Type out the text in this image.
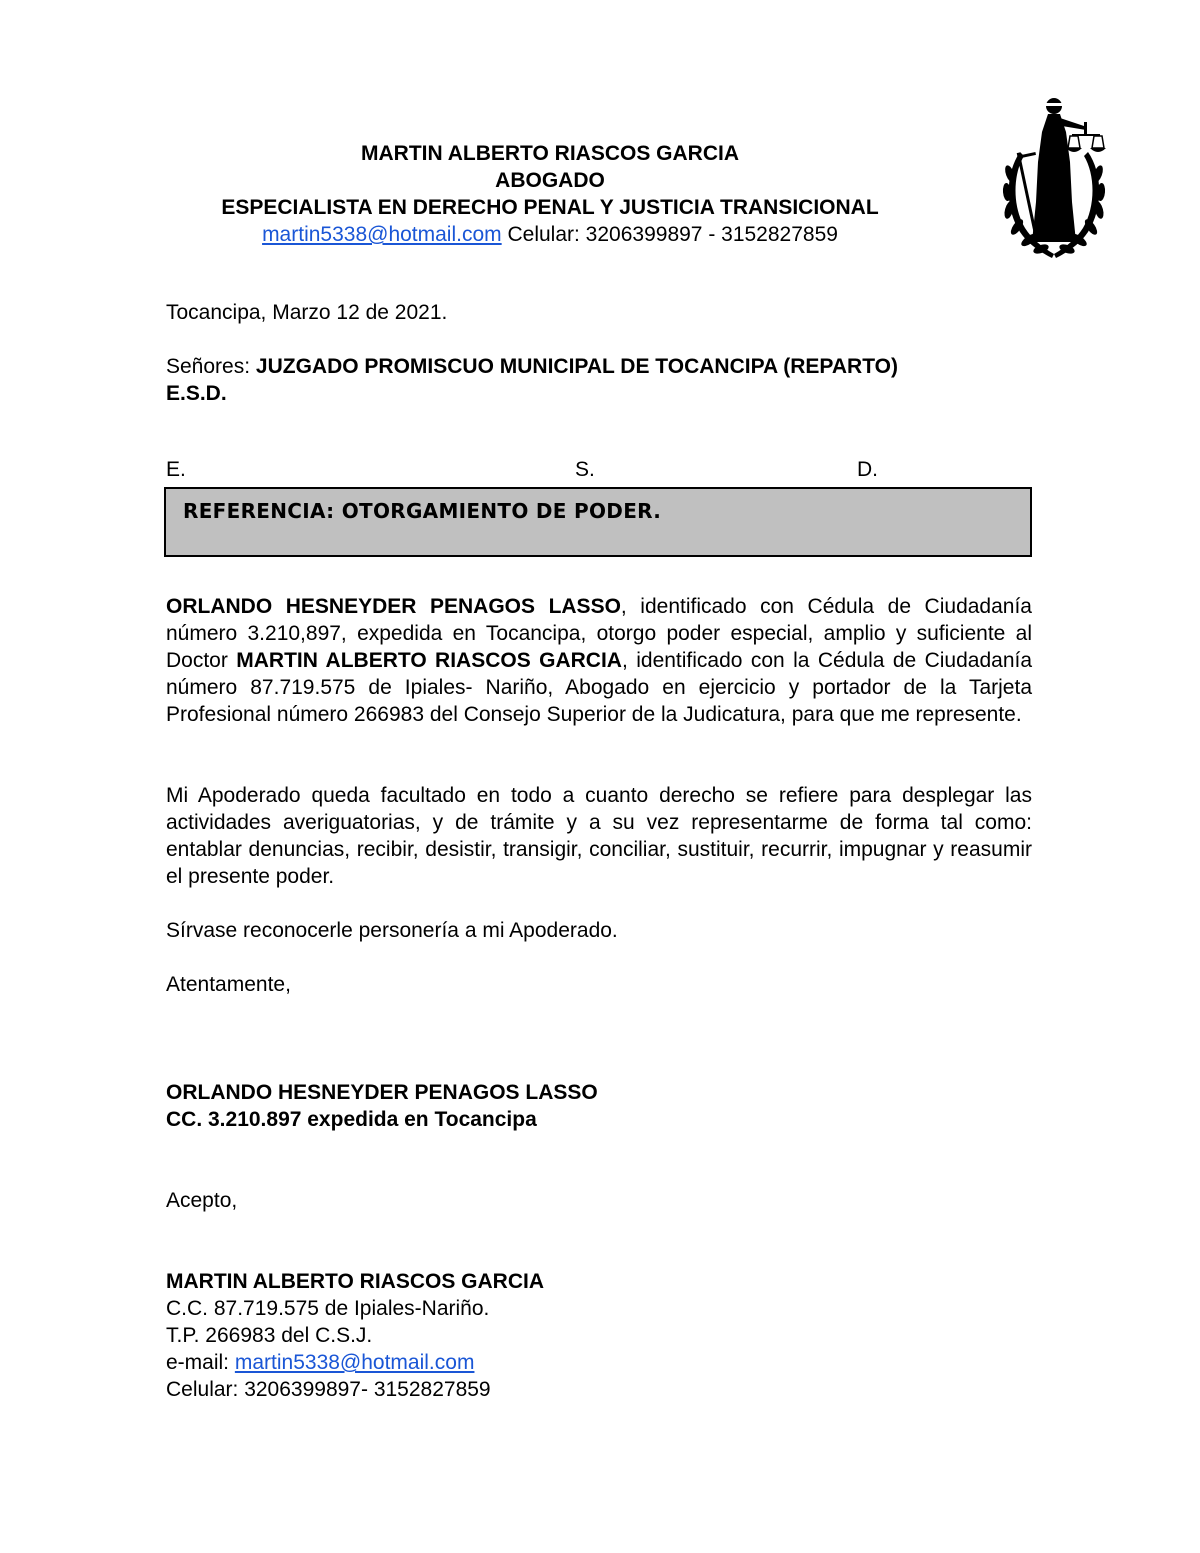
MARTIN ALBERTO RIASCOS GARCIA
ABOGADO
ESPECIALISTA EN DERECHO PENAL Y JUSTICIA TRANSICIONAL
martin5338@hotmail.com Celular: 3206399897 - 3152827859
Tocancipa, Marzo 12 de 2021.
Señores: JUZGADO PROMISCUO MUNICIPAL DE TOCANCIPA (REPARTO)
E.S.D.
E.	S.	D.
REFERENCIA: OTORGAMIENTO DE PODER.
ORLANDO HESNEYDER PENAGOS LASSO, identificado con Cédula de Ciudadanía número 3.210,897, expedida en Tocancipa, otorgo poder especial, amplio y suficiente al Doctor MARTIN ALBERTO RIASCOS GARCIA, identificado con la Cédula de Ciudadanía número 87.719.575 de Ipiales- Nariño, Abogado en ejercicio y portador de la Tarjeta Profesional número 266983 del Consejo Superior de la Judicatura, para que me represente.
Mi Apoderado queda facultado en todo a cuanto derecho se refiere para desplegar las actividades averiguatorias, y de trámite y a su vez representarme de forma tal como: entablar denuncias, recibir, desistir, transigir, conciliar, sustituir, recurrir, impugnar y reasumir el presente poder.
Sírvase reconocerle personería a mi Apoderado.
Atentamente,
ORLANDO HESNEYDER PENAGOS LASSO
CC. 3.210.897 expedida en Tocancipa
Acepto,
MARTIN ALBERTO RIASCOS GARCIA
C.C. 87.719.575 de Ipiales-Nariño.
T.P. 266983 del C.S.J.
e-mail: martin5338@hotmail.com
Celular: 3206399897- 3152827859
